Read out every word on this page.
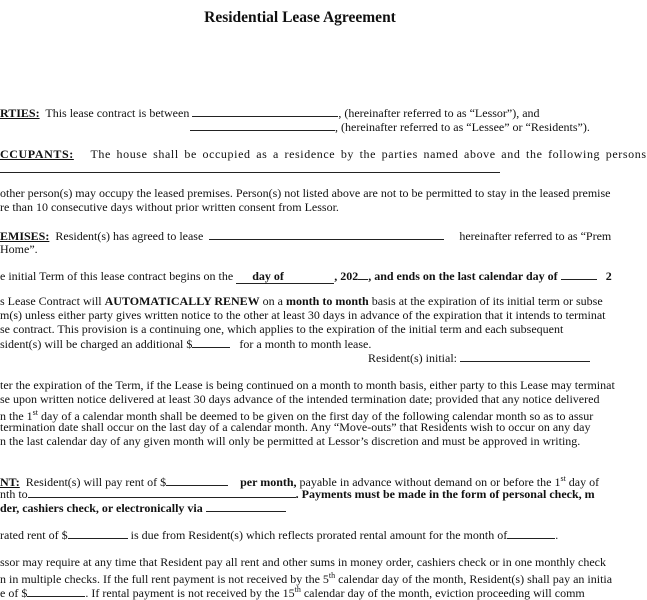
Residential Lease Agreement
RTIES: This lease contract is between	, (hereinafter referred to as “Lessor”), and
, (hereinafter referred to as “Lessee” or “Residents”).
CCUPANTS: The house shall be occupied as a residence by the parties named above and the following persons
other person(s) may occupy the leased premises. Person(s) not listed above are not to be permitted to stay in the leased premise
re than 10 consecutive days without prior written consent from Lessor.
EMISES: Resident(s) has agreed to lease	hereinafter referred to as “Prem
Home”.
e initial Term of this lease contract begins on the day of	, 202 , and ends on the last calendar day of	2
s Lease Contract will AUTOMATICALLY RENEW on a month to month basis at the expiration of its initial term or subse
m(s) unless either party gives written notice to the other at least 30 days in advance of the expiration that it intends to terminat
se contract. This provision is a continuing one, which applies to the expiration of the initial term and each subsequent
sident(s) will be charged an additional $	for a month to month lease.
Resident(s) initial:
ter the expiration of the Term, if the Lease is being continued on a month to month basis, either party to this Lease may terminat
se upon written notice delivered at least 30 days advance of the intended termination date; provided that any notice delivered
n the 1st day of a calendar month shall be deemed to be given on the first day of the following calendar month so as to assur
termination date shall occur on the last day of a calendar month. Any “Move-outs” that Residents wish to occur on any day
n the last calendar day of any given month will only be permitted at Lessor’s discretion and must be approved in writing.
NT: Resident(s) will pay rent of $	per month, payable in advance without demand on or before the 1st day of
nth to	. Payments must be made in the form of personal check, m
der, cashiers check, or electronically via
rated rent of $	is due from Resident(s) which reflects prorated rental amount for the month of	.
ssor may require at any time that Resident pay all rent and other sums in money order, cashiers check or in one monthly check
n in multiple checks. If the full rent payment is not received by the 5th calendar day of the month, Resident(s) shall pay an initia
e of $	. If rental payment is not received by the 15th calendar day of the month, eviction proceeding will comm
